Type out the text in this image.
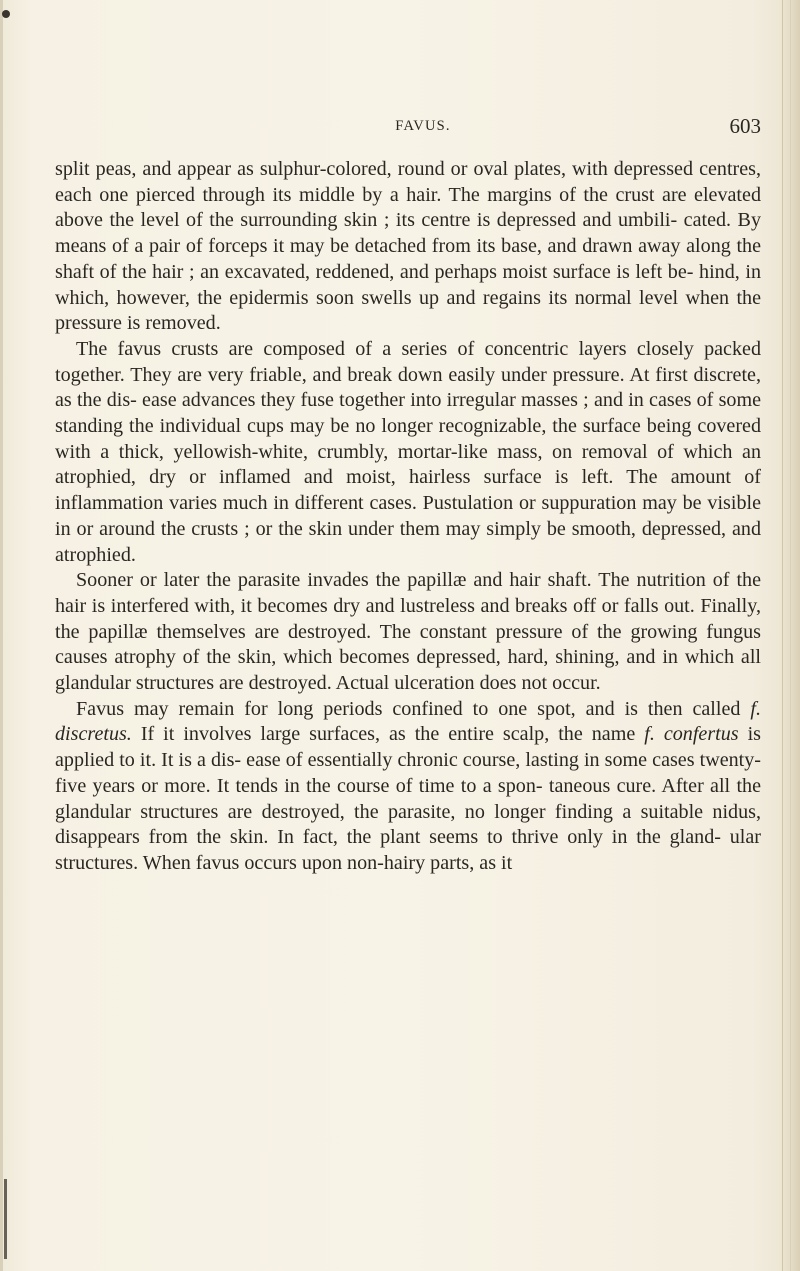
FAVUS.	603

split peas, and appear as sulphur-colored, round or oval plates, with depressed centres, each one pierced through its middle by a hair. The margins of the crust are elevated above the level of the surrounding skin ; its centre is depressed and umbili- cated. By means of a pair of forceps it may be detached from its base, and drawn away along the shaft of the hair ; an excavated, reddened, and perhaps moist surface is left be- hind, in which, however, the epidermis soon swells up and regains its normal level when the pressure is removed.

The favus crusts are composed of a series of concentric layers closely packed together. They are very friable, and break down easily under pressure. At first discrete, as the dis- ease advances they fuse together into irregular masses ; and in cases of some standing the individual cups may be no longer recognizable, the surface being covered with a thick, yellowish-white, crumbly, mortar-like mass, on removal of which an atrophied, dry or inflamed and moist, hairless surface is left. The amount of inflammation varies much in different cases. Pustulation or suppuration may be visible in or around the crusts ; or the skin under them may simply be smooth, depressed, and atrophied.

Sooner or later the parasite invades the papillæ and hair shaft. The nutrition of the hair is interfered with, it becomes dry and lustreless and breaks off or falls out. Finally, the papillæ themselves are destroyed. The constant pressure of the growing fungus causes atrophy of the skin, which becomes depressed, hard, shining, and in which all glandular structures are destroyed. Actual ulceration does not occur.

Favus may remain for long periods confined to one spot, and is then called f. discretus. If it involves large surfaces, as the entire scalp, the name f. confertus is applied to it. It is a dis- ease of essentially chronic course, lasting in some cases twenty- five years or more. It tends in the course of time to a spon- taneous cure. After all the glandular structures are destroyed, the parasite, no longer finding a suitable nidus, disappears from the skin. In fact, the plant seems to thrive only in the gland- ular structures. When favus occurs upon non-hairy parts, as it
